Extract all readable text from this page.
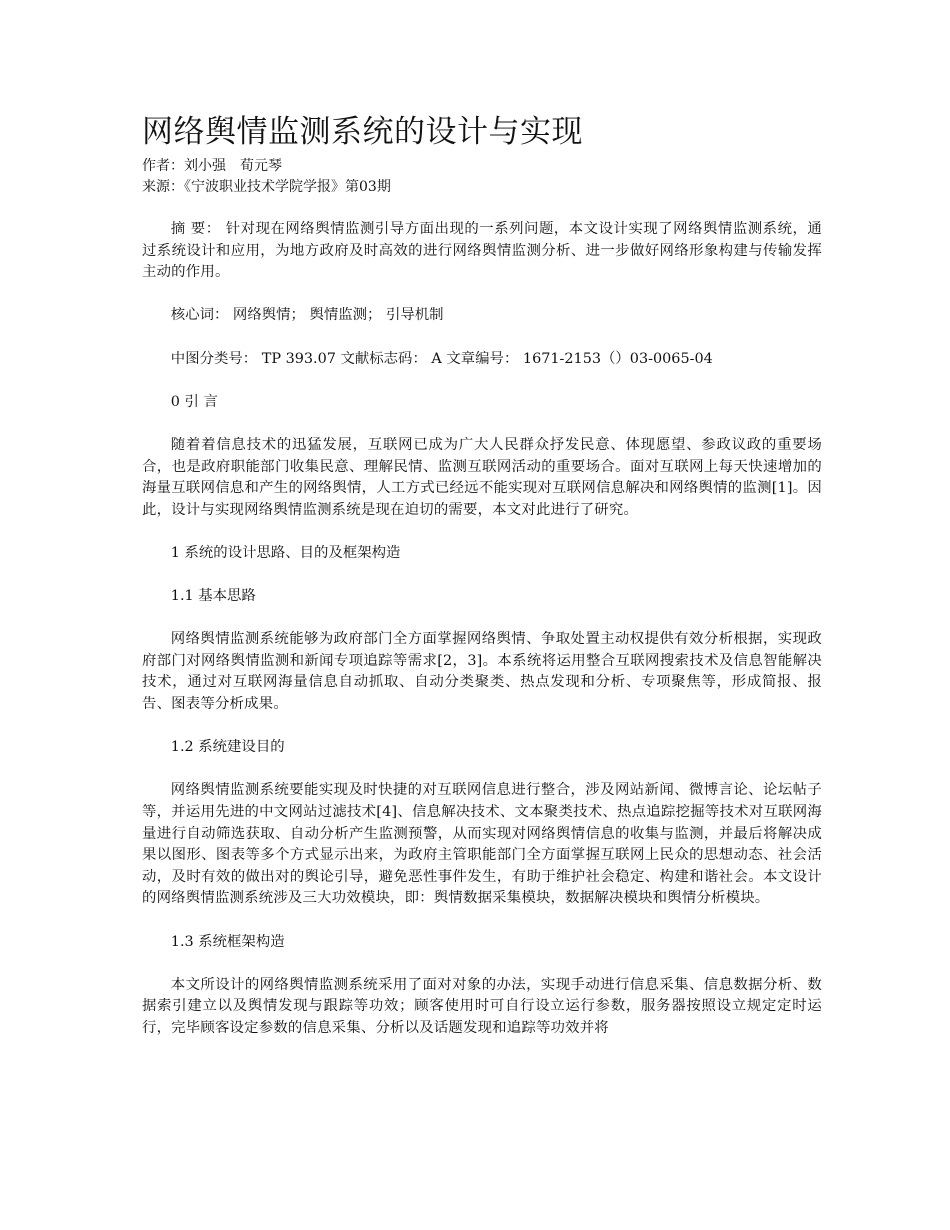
网络舆情监测系统的设计与实现

作者：刘小强　荀元琴

来源：《宁波职业技术学院学报》第03期

摘 要： 针对现在网络舆情监测引导方面出现的一系列问题，本文设计实现了网络舆情监测系统，通过系统设计和应用，为地方政府及时高效的进行网络舆情监测分析、进一步做好网络形象构建与传输发挥主动的作用。

核心词： 网络舆情； 舆情监测； 引导机制

中图分类号： TP 393.07 文献标志码： A 文章编号： 1671-2153（）03-0065-04

0 引 言

随着着信息技术的迅猛发展，互联网已成为广大人民群众抒发民意、体现愿望、参政议政的重要场合，也是政府职能部门收集民意、理解民情、监测互联网活动的重要场合。面对互联网上每天快速增加的海量互联网信息和产生的网络舆情，人工方式已经远不能实现对互联网信息解决和网络舆情的监测[1]。因此，设计与实现网络舆情监测系统是现在迫切的需要，本文对此进行了研究。

1 系统的设计思路、目的及框架构造

1.1 基本思路

网络舆情监测系统能够为政府部门全方面掌握网络舆情、争取处置主动权提供有效分析根据，实现政府部门对网络舆情监测和新闻专项追踪等需求[2，3]。本系统将运用整合互联网搜索技术及信息智能解决技术，通过对互联网海量信息自动抓取、自动分类聚类、热点发现和分析、专项聚焦等，形成简报、报告、图表等分析成果。

1.2 系统建设目的

网络舆情监测系统要能实现及时快捷的对互联网信息进行整合，涉及网站新闻、微博言论、论坛帖子等，并运用先进的中文网站过滤技术[4]、信息解决技术、文本聚类技术、热点追踪挖掘等技术对互联网海量进行自动筛选获取、自动分析产生监测预警，从而实现对网络舆情信息的收集与监测，并最后将解决成果以图形、图表等多个方式显示出来，为政府主管职能部门全方面掌握互联网上民众的思想动态、社会活动，及时有效的做出对的舆论引导，避免恶性事件发生，有助于维护社会稳定、构建和谐社会。本文设计的网络舆情监测系统涉及三大功效模块，即：舆情数据采集模块，数据解决模块和舆情分析模块。

1.3 系统框架构造

本文所设计的网络舆情监测系统采用了面对对象的办法，实现手动进行信息采集、信息数据分析、数据索引建立以及舆情发现与跟踪等功效；顾客使用时可自行设立运行参数，服务器按照设立规定定时运行，完毕顾客设定参数的信息采集、分析以及话题发现和追踪等功效并将
